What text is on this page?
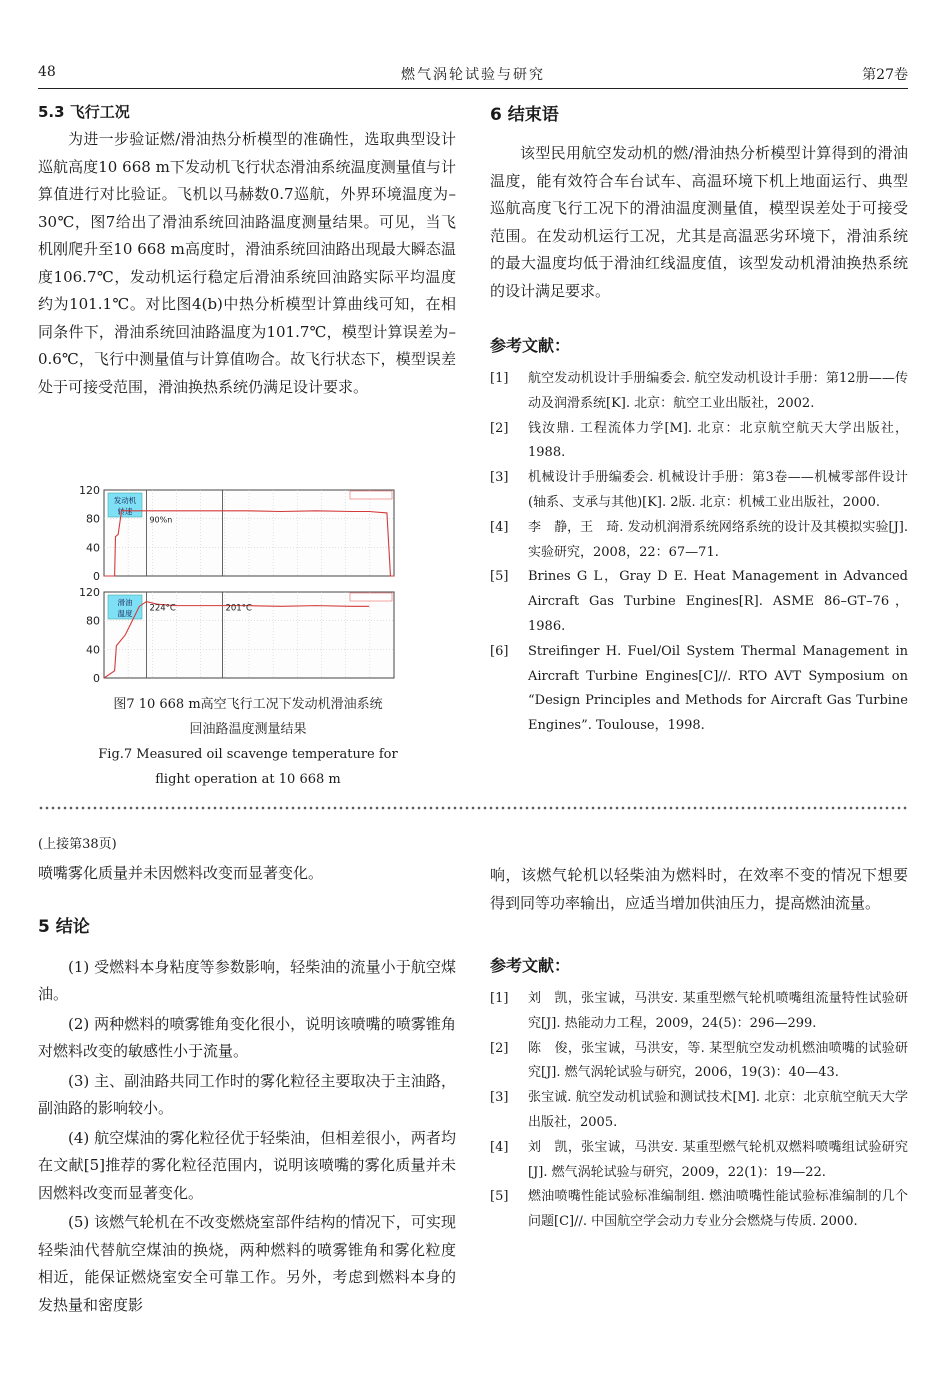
48	燃气涡轮试验与研究	第27卷
5.3 飞行工况

为进一步验证燃/滑油热分析模型的准确性，选取典型设计巡航高度10 668 m下发动机飞行状态滑油系统温度测量值与计算值进行对比验证。飞机以马赫数0.7巡航，外界环境温度为–30℃，图7给出了滑油系统回油路温度测量结果。可见，当飞机刚爬升至10 668 m高度时，滑油系统回油路出现最大瞬态温度106.7℃，发动机运行稳定后滑油系统回油路实际平均温度约为101.1℃。对比图4(b)中热分析模型计算曲线可知，在相同条件下，滑油系统回油路温度为101.7℃，模型计算误差为–0.6℃，飞行中测量值与计算值吻合。故飞行状态下，模型误差处于可接受范围，滑油换热系统仍满足设计要求。

120
80
40
0
发动机
转速
90%n
120
80
40
0
滑油
温度
224°C	201°C
图7 10 668 m高空飞行工况下发动机滑油系统
回油路温度测量结果
Fig.7 Measured oil scavenge temperature for
flight operation at 10 668 m
6 结束语

该型民用航空发动机的燃/滑油热分析模型计算得到的滑油温度，能有效符合车台试车、高温环境下机上地面运行、典型巡航高度飞行工况下的滑油温度测量值，模型误差处于可接受范围。在发动机运行工况，尤其是高温恶劣环境下，滑油系统的最大温度均低于滑油红线温度值，该型发动机滑油换热系统的设计满足要求。

参考文献：
[1] 航空发动机设计手册编委会. 航空发动机设计手册：第12册——传动及润滑系统[K]. 北京：航空工业出版社，2002.
[2] 钱汝鼎. 工程流体力学[M]. 北京：北京航空航天大学出版社，1988.
[3] 机械设计手册编委会. 机械设计手册：第3卷——机械零部件设计(轴系、支承与其他)[K]. 2版. 北京：机械工业出版社，2000.
[4] 李　静，王　琦. 发动机润滑系统网络系统的设计及其模拟实验[J]. 实验研究，2008，22：67—71.
[5] Brines G L，Gray D E. Heat Management in Advanced Aircraft Gas Turbine Engines[R]. ASME 86–GT–76，1986.
[6] Streifinger H. Fuel/Oil System Thermal Management in Aircraft Turbine Engines[C]//. RTO AVT Symposium on “Design Principles and Methods for Aircraft Gas Turbine Engines”. Toulouse，1998.
(上接第38页)

喷嘴雾化质量并未因燃料改变而显著变化。

5 结论

(1) 受燃料本身粘度等参数影响，轻柴油的流量小于航空煤油。

(2) 两种燃料的喷雾锥角变化很小，说明该喷嘴的喷雾锥角对燃料改变的敏感性小于流量。

(3) 主、副油路共同工作时的雾化粒径主要取决于主油路，副油路的影响较小。

(4) 航空煤油的雾化粒径优于轻柴油，但相差很小，两者均在文献[5]推荐的雾化粒径范围内，说明该喷嘴的雾化质量并未因燃料改变而显著变化。

(5) 该燃气轮机在不改变燃烧室部件结构的情况下，可实现轻柴油代替航空煤油的换烧，两种燃料的喷雾锥角和雾化粒度相近，能保证燃烧室安全可靠工作。另外，考虑到燃料本身的发热量和密度影

响，该燃气轮机以轻柴油为燃料时，在效率不变的情况下想要得到同等功率输出，应适当增加供油压力，提高燃油流量。

参考文献：
[1] 刘　凯，张宝诚，马洪安. 某重型燃气轮机喷嘴组流量特性试验研究[J]. 热能动力工程，2009，24(5)：296—299.
[2] 陈　俊，张宝诚，马洪安，等. 某型航空发动机燃油喷嘴的试验研究[J]. 燃气涡轮试验与研究，2006，19(3)：40—43.
[3] 张宝诚. 航空发动机试验和测试技术[M]. 北京：北京航空航天大学出版社，2005.
[4] 刘　凯，张宝诚，马洪安. 某重型燃气轮机双燃料喷嘴组试验研究[J]. 燃气涡轮试验与研究，2009，22(1)：19—22.
[5] 燃油喷嘴性能试验标准编制组. 燃油喷嘴性能试验标准编制的几个问题[C]//. 中国航空学会动力专业分会燃烧与传质. 2000.
